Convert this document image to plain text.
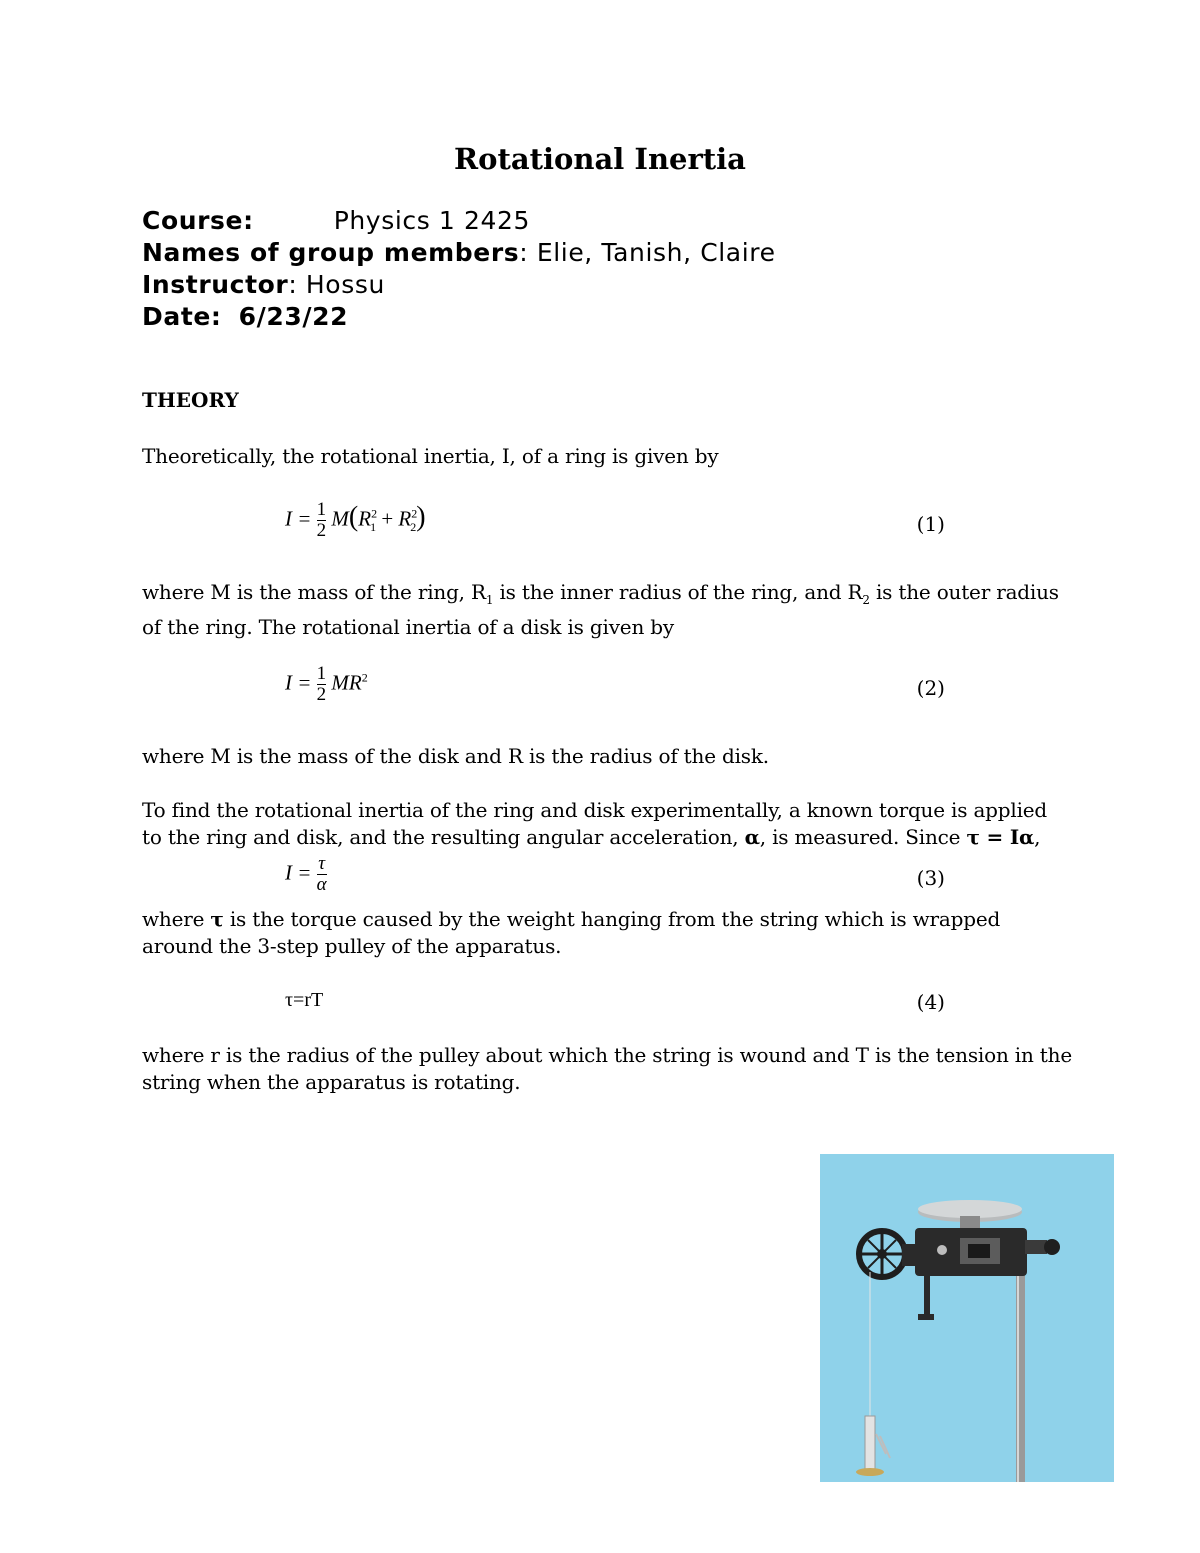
Rotational Inertia
Course:	Physics 1 2425
Names of group members: Elie, Tanish, Claire
Instructor: Hossu
Date: 6/23/22
THEORY
Theoretically, the rotational inertia, I, of a ring is given by
$I = \frac{1}{2} M(R^2_1 + R^2_2)$	(1)
where M is the mass of the ring, $R_1$ is the inner radius of the ring, and $R_2$ is the outer radius of the ring. The rotational inertia of a disk is given by
$I = \frac{1}{2} MR^2$	(2)
where M is the mass of the disk and R is the radius of the disk.
To find the rotational inertia of the ring and disk experimentally, a known torque is applied to the ring and disk, and the resulting angular acceleration, α, is measured. Since τ = Iα,
$I = \frac{\tau}{\alpha}$	(3)
where τ is the torque caused by the weight hanging from the string which is wrapped around the 3-step pulley of the apparatus.
τ=rT	(4)
where r is the radius of the pulley about which the string is wound and T is the tension in the string when the apparatus is rotating.
